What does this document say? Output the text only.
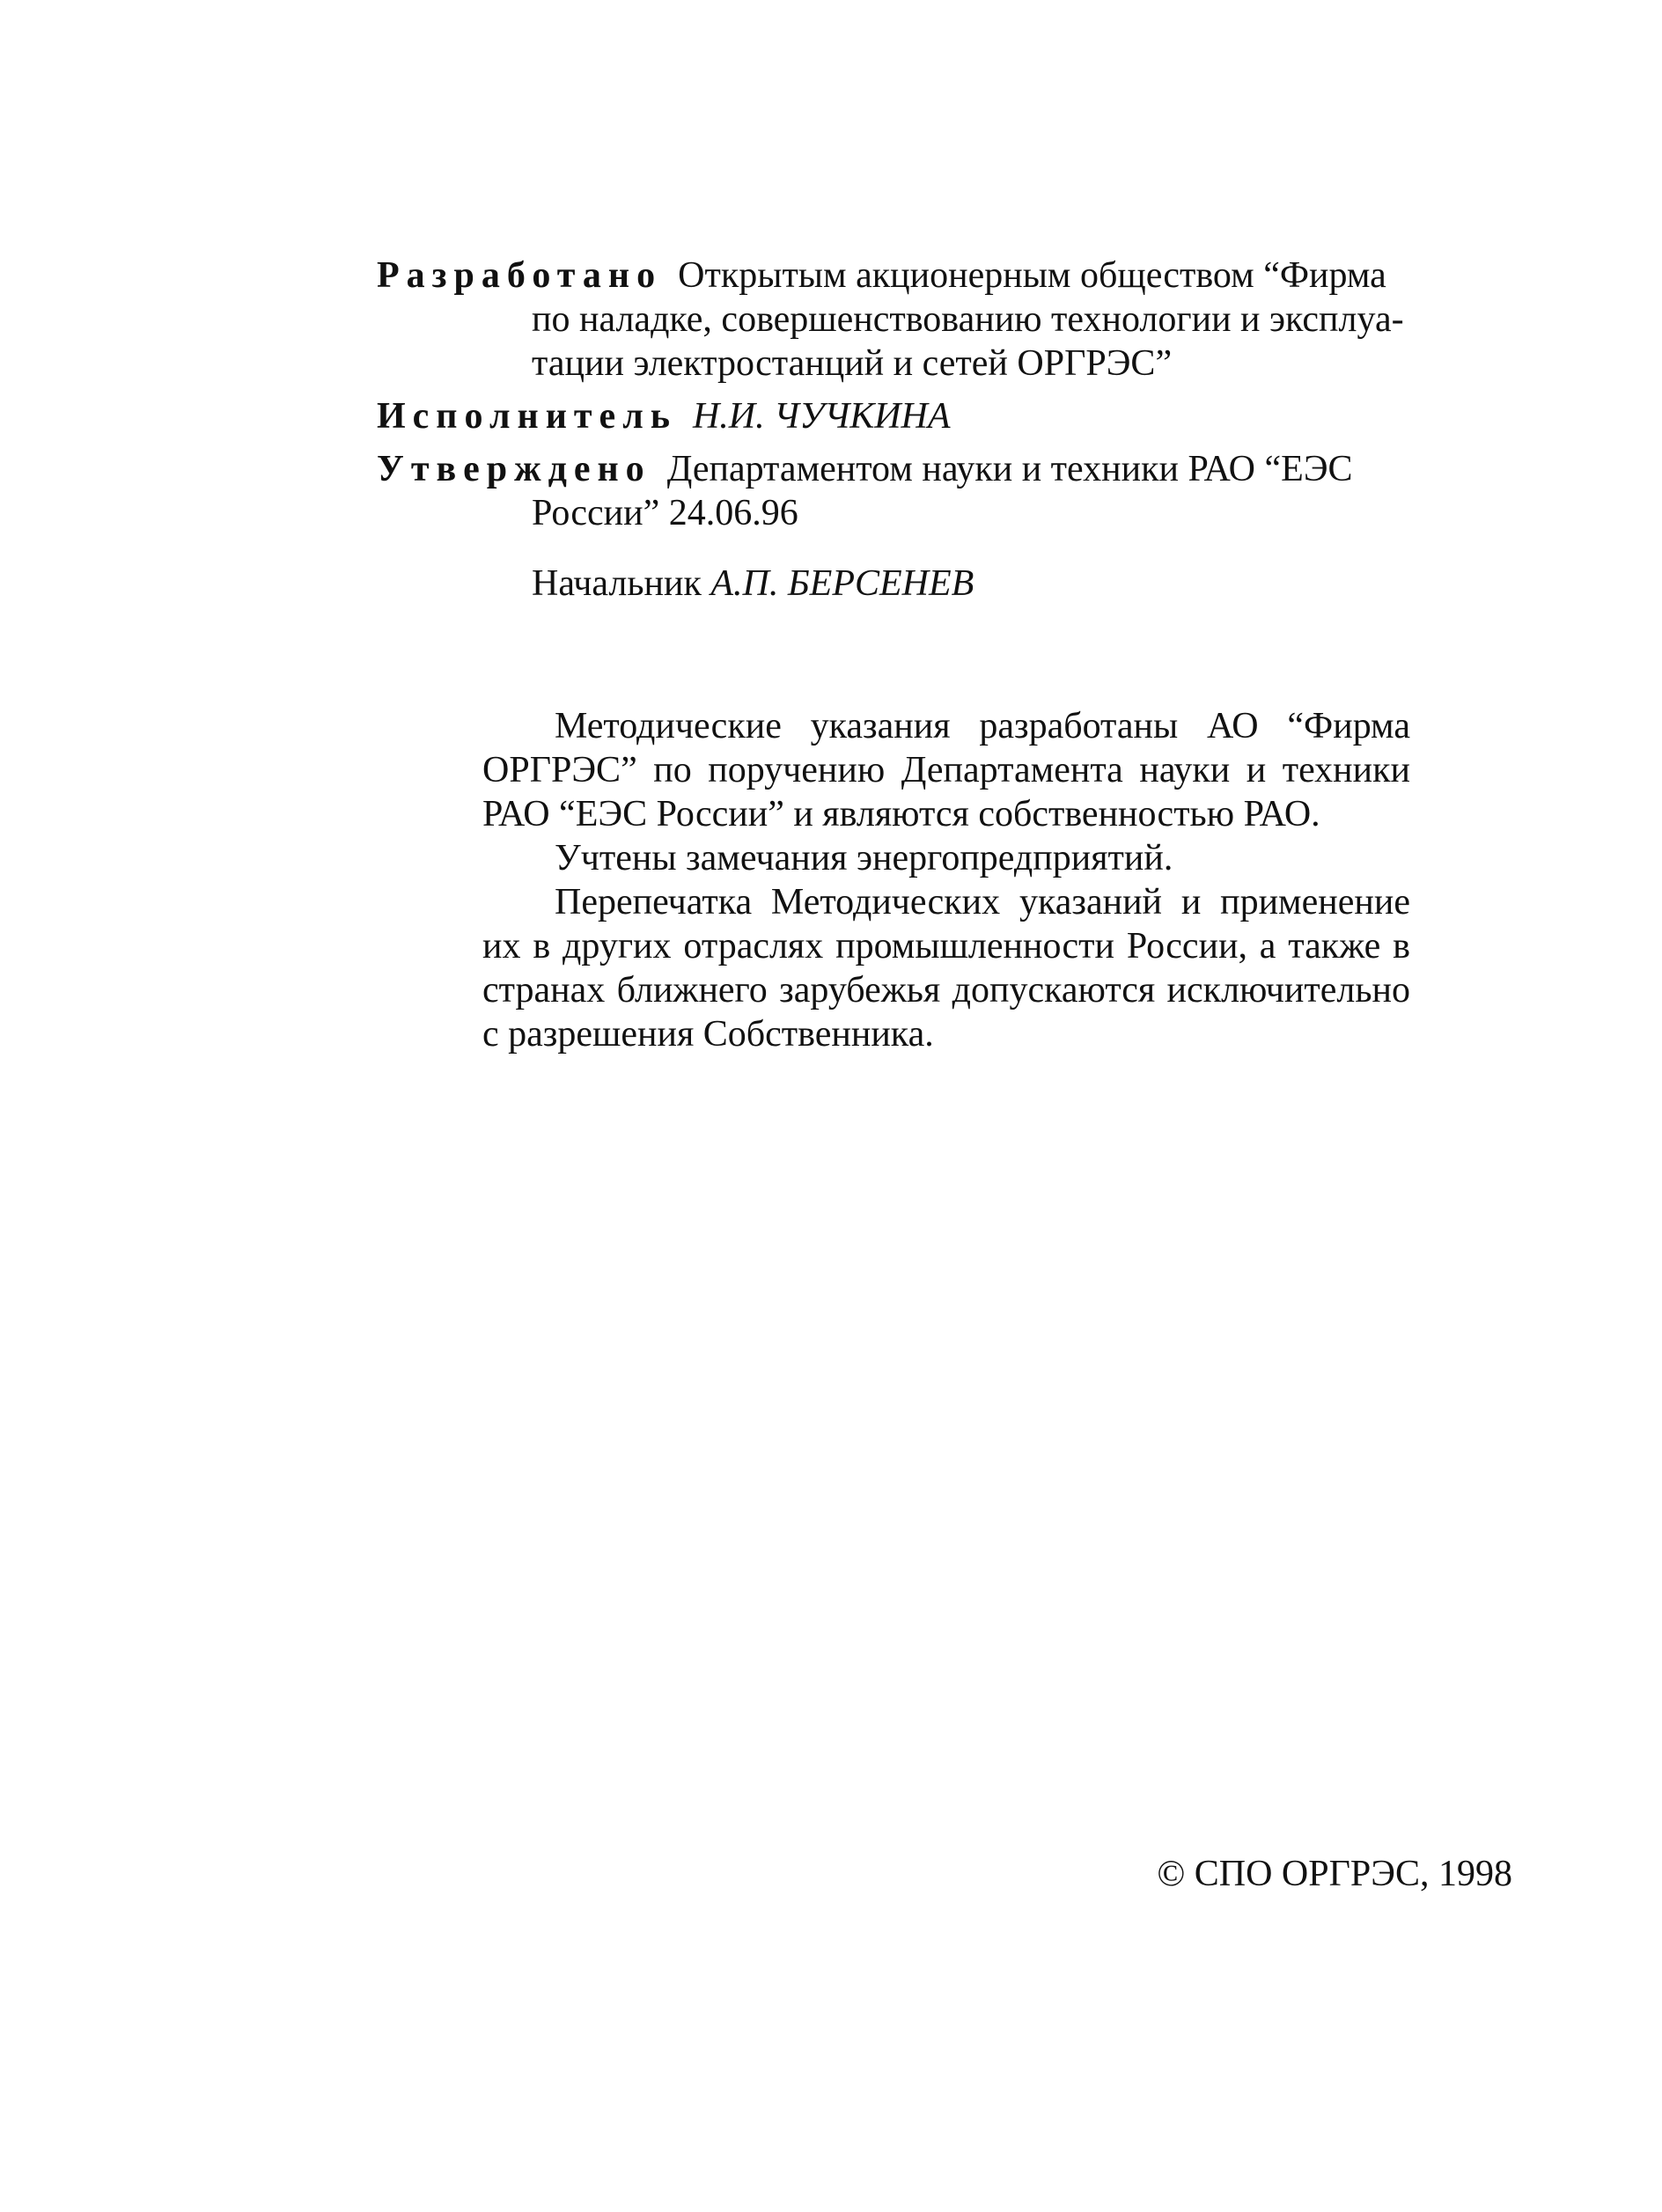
Разработано Открытым акционерным обществом “Фирма
по наладке, совершенствованию технологии и эксплуа-
тации электростанций и сетей ОРГРЭС”
Исполнитель Н.И. ЧУЧКИНА
Утверждено Департаментом науки и техники РАО “ЕЭС
России” 24.06.96
Начальник А.П. БЕРСЕНЕВ

Методические указания разработаны АО “Фирма ОРГРЭС” по поручению Департамента науки и техники РАО “ЕЭС России” и являются собственностью РАО.

Учтены замечания энергопредприятий.

Перепечатка Методических указаний и применение их в других отраслях промышленности России, а также в странах ближнего зарубежья допускаются исключительно с разрешения Собственника.

© СПО ОРГРЭС, 1998
